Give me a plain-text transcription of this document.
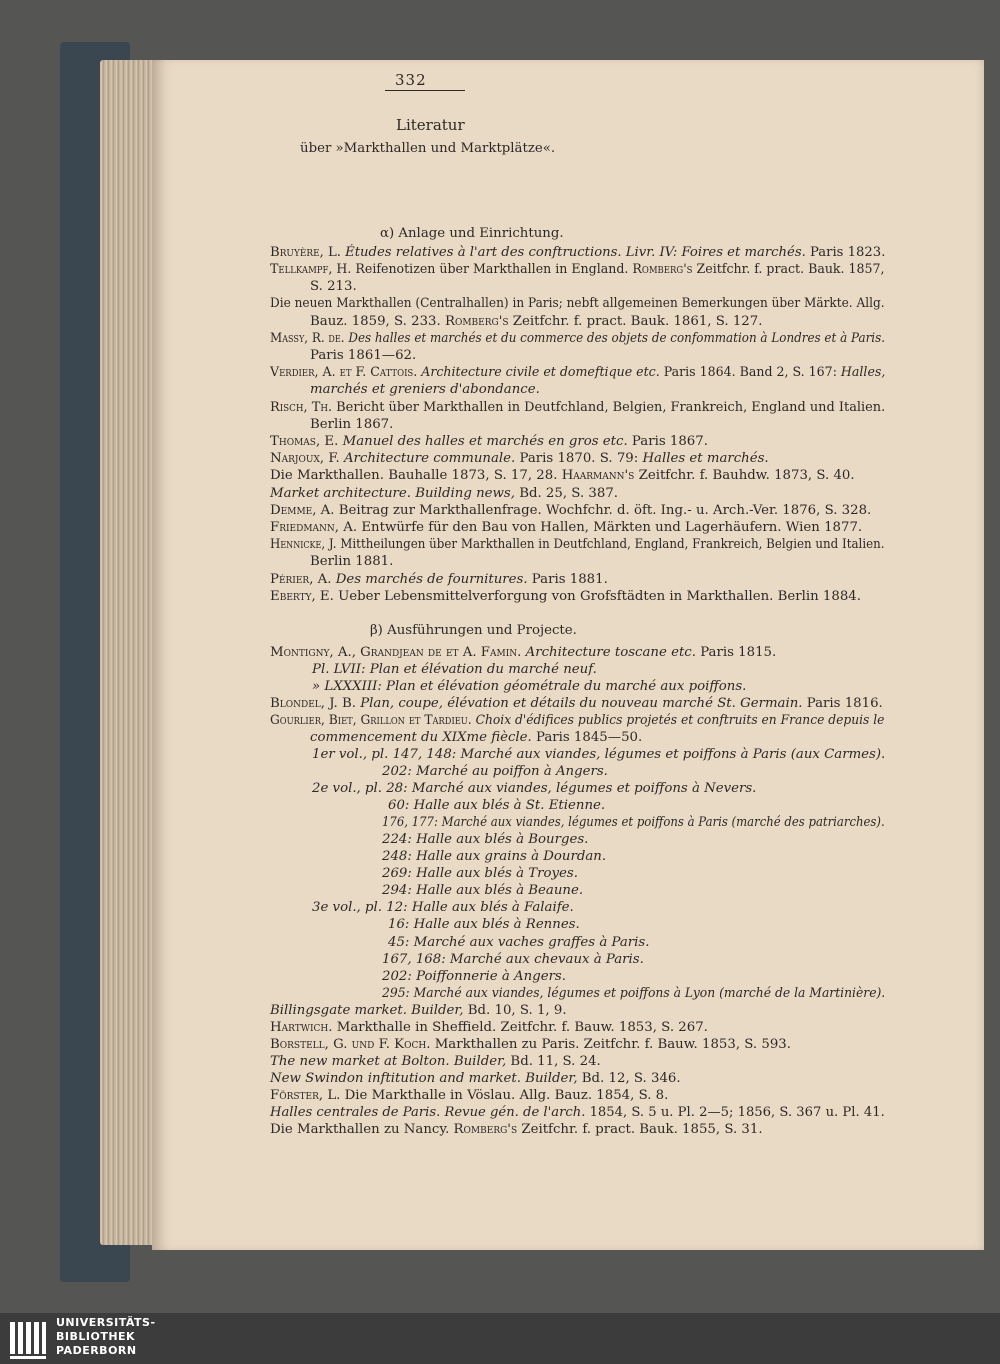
332
Literatur
über »Markthallen und Marktplätze«.
α) Anlage und Einrichtung.
β) Ausführungen und Projecte.
Bruyère, L. Études relatives à l'art des conftructions. Livr. IV: Foires et marchés. Paris 1823.
Tellkampf, H. Reifenotizen über Markthallen in England. Romberg's Zeitfchr. f. pract. Bauk. 1857,
S. 213.
Die neuen Markthallen (Centralhallen) in Paris; nebft allgemeinen Bemerkungen über Märkte. Allg.
Bauz. 1859, S. 233. Romberg's Zeitfchr. f. pract. Bauk. 1861, S. 127.
Massy, R. de. Des halles et marchés et du commerce des objets de confommation à Londres et à Paris.
Paris 1861—62.
Verdier, A. et F. Cattois. Architecture civile et domeftique etc. Paris 1864. Band 2, S. 167: Halles,
marchés et greniers d'abondance.
Risch, Th. Bericht über Markthallen in Deutfchland, Belgien, Frankreich, England und Italien.
Berlin 1867.
Thomas, E. Manuel des halles et marchés en gros etc. Paris 1867.
Narjoux, F. Architecture communale. Paris 1870. S. 79: Halles et marchés.
Die Markthallen. Bauhalle 1873, S. 17, 28. Haarmann's Zeitfchr. f. Bauhdw. 1873, S. 40.
Market architecture. Building news, Bd. 25, S. 387.
Demme, A. Beitrag zur Markthallenfrage. Wochfchr. d. öft. Ing.- u. Arch.-Ver. 1876, S. 328.
Friedmann, A. Entwürfe für den Bau von Hallen, Märkten und Lagerhäufern. Wien 1877.
Hennicke, J. Mittheilungen über Markthallen in Deutfchland, England, Frankreich, Belgien und Italien.
Berlin 1881.
Périer, A. Des marchés de fournitures. Paris 1881.
Eberty, E. Ueber Lebensmittelverforgung von Grofsftädten in Markthallen. Berlin 1884.
Montigny, A., Grandjean de et A. Famin. Architecture toscane etc. Paris 1815.
Pl. LVII: Plan et élévation du marché neuf.
» LXXXIII: Plan et élévation géométrale du marché aux poiffons.
Blondel, J. B. Plan, coupe, élévation et détails du nouveau marché St. Germain. Paris 1816.
Gourlier, Biet, Grillon et Tardieu. Choix d'édifices publics projetés et conftruits en France depuis le
commencement du XIXme fiècle. Paris 1845—50.
1er vol., pl. 147, 148: Marché aux viandes, légumes et poiffons à Paris (aux Carmes).
202: Marché au poiffon à Angers.
2e vol., pl. 28: Marché aux viandes, légumes et poiffons à Nevers.
60: Halle aux blés à St. Etienne.
176, 177: Marché aux viandes, légumes et poiffons à Paris (marché des patriarches).
224: Halle aux blés à Bourges.
248: Halle aux grains à Dourdan.
269: Halle aux blés à Troyes.
294: Halle aux blés à Beaune.
3e vol., pl. 12: Halle aux blés à Falaife.
16: Halle aux blés à Rennes.
45: Marché aux vaches graffes à Paris.
167, 168: Marché aux chevaux à Paris.
202: Poiffonnerie à Angers.
295: Marché aux viandes, légumes et poiffons à Lyon (marché de la Martinière).
Billingsgate market. Builder, Bd. 10, S. 1, 9.
Hartwich. Markthalle in Sheffield. Zeitfchr. f. Bauw. 1853, S. 267.
Borstell, G. und F. Koch. Markthallen zu Paris. Zeitfchr. f. Bauw. 1853, S. 593.
The new market at Bolton. Builder, Bd. 11, S. 24.
New Swindon inftitution and market. Builder, Bd. 12, S. 346.
Förster, L. Die Markthalle in Vöslau. Allg. Bauz. 1854, S. 8.
Halles centrales de Paris. Revue gén. de l'arch. 1854, S. 5 u. Pl. 2—5; 1856, S. 367 u. Pl. 41.
Die Markthallen zu Nancy. Romberg's Zeitfchr. f. pract. Bauk. 1855, S. 31.
UNIVERSITÄTS-
BIBLIOTHEK
PADERBORN
